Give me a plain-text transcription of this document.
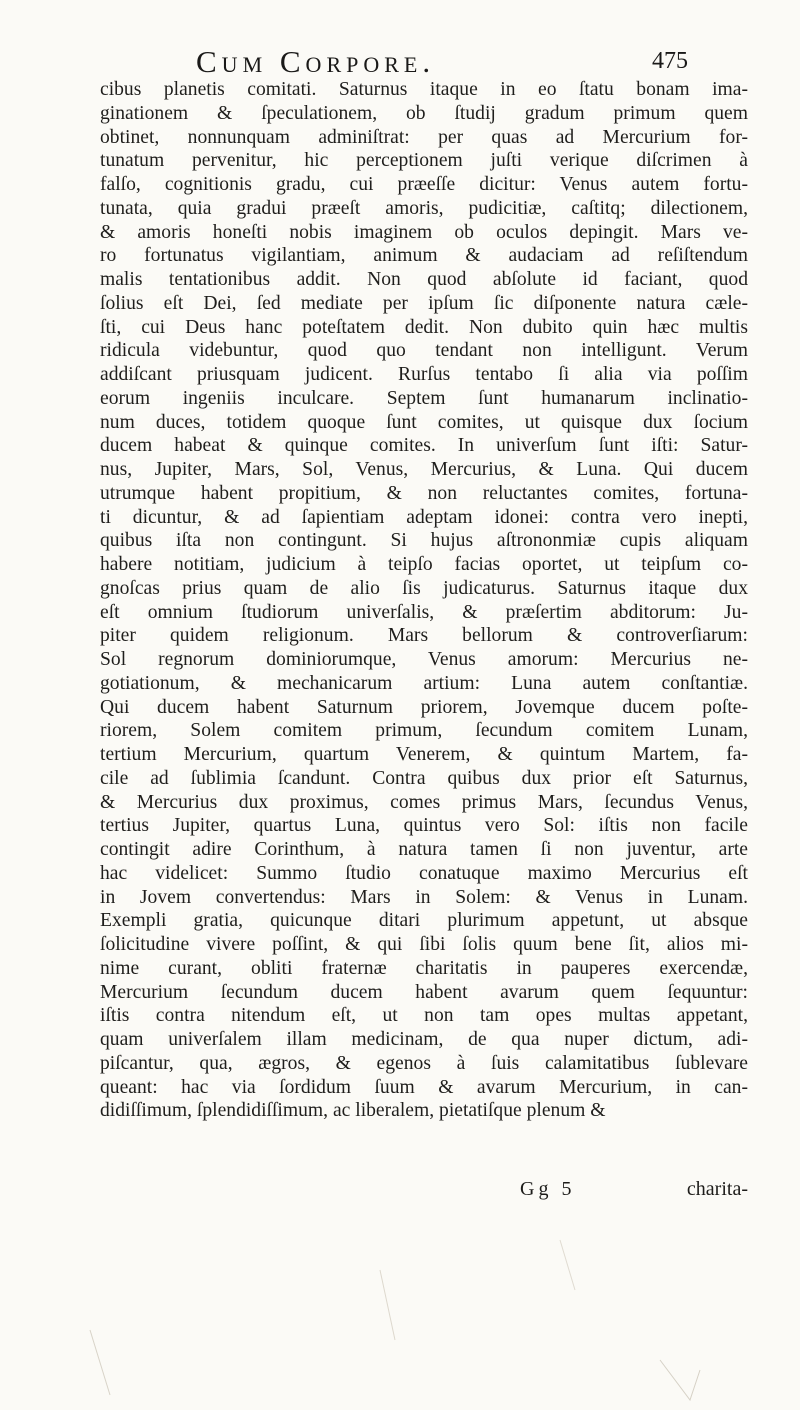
Cum Corpore.	475
cibus planetis comitati. Saturnus itaque in eo ſtatu bonam ima-
ginationem & ſpeculationem, ob ſtudij gradum primum quem
obtinet, nonnunquam adminiſtrat: per quas ad Mercurium for-
tunatum pervenitur, hic perceptionem juſti verique diſcrimen à
falſo, cognitionis gradu, cui præeſſe dicitur: Venus autem fortu-
tunata, quia gradui præeſt amoris, pudicitiæ, caſtitq; dilectionem,
& amoris honeſti nobis imaginem ob oculos depingit. Mars ve-
ro fortunatus vigilantiam, animum & audaciam ad reſiſtendum
malis tentationibus addit. Non quod abſolute id faciant, quod
ſolius eſt Dei, ſed mediate per ipſum ſic diſponente natura cæle-
ſti, cui Deus hanc poteſtatem dedit. Non dubito quin hæc multis
ridicula videbuntur, quod quo tendant non intelligunt. Verum
addiſcant priusquam judicent. Rurſus tentabo ſi alia via poſſim
eorum ingeniis inculcare. Septem ſunt humanarum inclinatio-
num duces, totidem quoque ſunt comites, ut quisque dux ſocium
ducem habeat & quinque comites. In univerſum ſunt iſti: Satur-
nus, Jupiter, Mars, Sol, Venus, Mercurius, & Luna. Qui ducem
utrumque habent propitium, & non reluctantes comites, fortuna-
ti dicuntur, & ad ſapientiam adeptam idonei: contra vero inepti,
quibus iſta non contingunt. Si hujus aſtrononmiæ cupis aliquam
habere notitiam, judicium à teipſo facias oportet, ut teipſum co-
gnoſcas prius quam de alio ſis judicaturus. Saturnus itaque dux
eſt omnium ſtudiorum univerſalis, & præſertim abditorum: Ju-
piter quidem religionum. Mars bellorum & controverſiarum:
Sol regnorum dominiorumque, Venus amorum: Mercurius ne-
gotiationum, & mechanicarum artium: Luna autem conſtantiæ.
Qui ducem habent Saturnum priorem, Jovemque ducem poſte-
riorem, Solem comitem primum, ſecundum comitem Lunam,
tertium Mercurium, quartum Venerem, & quintum Martem, fa-
cile ad ſublimia ſcandunt. Contra quibus dux prior eſt Saturnus,
& Mercurius dux proximus, comes primus Mars, ſecundus Venus,
tertius Jupiter, quartus Luna, quintus vero Sol: iſtis non facile
contingit adire Corinthum, à natura tamen ſi non juventur, arte
hac videlicet: Summo ſtudio conatuque maximo Mercurius eſt
in Jovem convertendus: Mars in Solem: & Venus in Lunam.
Exempli gratia, quicunque ditari plurimum appetunt, ut absque
ſolicitudine vivere poſſint, & qui ſibi ſolis quum bene ſit, alios mi-
nime curant, obliti fraternæ charitatis in pauperes exercendæ,
Mercurium ſecundum ducem habent avarum quem ſequuntur:
iſtis contra nitendum eſt, ut non tam opes multas appetant,
quam univerſalem illam medicinam, de qua nuper dictum, adi-
piſcantur, qua, ægros, & egenos à ſuis calamitatibus ſublevare
queant: hac via ſordidum ſuum & avarum Mercurium, in can-
didiſſimum, ſplendidiſſimum, ac liberalem, pietatiſque plenum &
Gg 5	charita-
